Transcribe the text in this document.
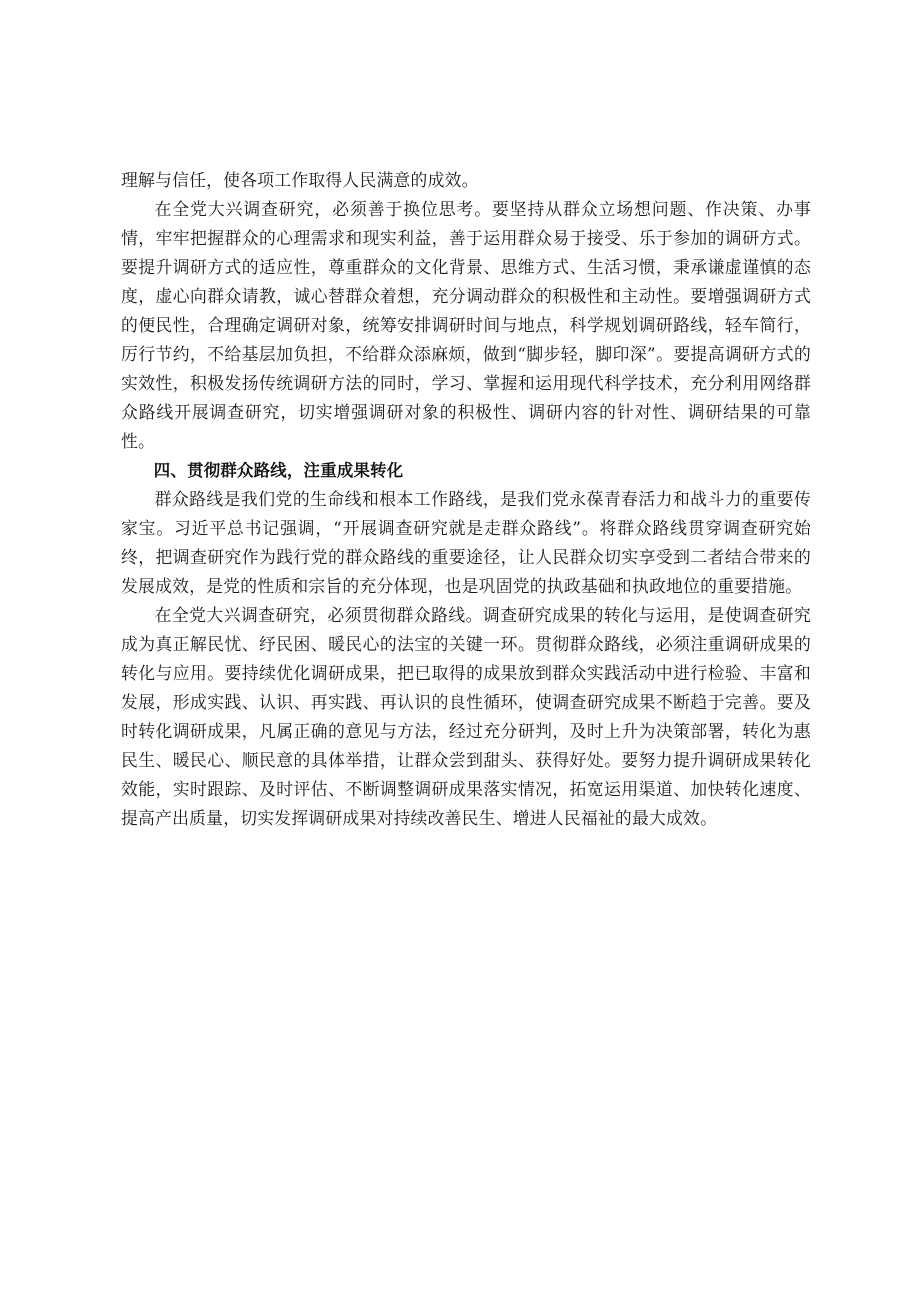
理解与信任，使各项工作取得人民满意的成效。

在全党大兴调查研究，必须善于换位思考。要坚持从群众立场想问题、作决策、办事情，牢牢把握群众的心理需求和现实利益，善于运用群众易于接受、乐于参加的调研方式。要提升调研方式的适应性，尊重群众的文化背景、思维方式、生活习惯，秉承谦虚谨慎的态度，虚心向群众请教，诚心替群众着想，充分调动群众的积极性和主动性。要增强调研方式的便民性，合理确定调研对象，统筹安排调研时间与地点，科学规划调研路线，轻车简行，厉行节约，不给基层加负担，不给群众添麻烦，做到“脚步轻，脚印深”。要提高调研方式的实效性，积极发扬传统调研方法的同时，学习、掌握和运用现代科学技术，充分利用网络群众路线开展调查研究，切实增强调研对象的积极性、调研内容的针对性、调研结果的可靠性。

四、贯彻群众路线，注重成果转化

群众路线是我们党的生命线和根本工作路线，是我们党永葆青春活力和战斗力的重要传家宝。习近平总书记强调，“开展调查研究就是走群众路线”。将群众路线贯穿调查研究始终，把调查研究作为践行党的群众路线的重要途径，让人民群众切实享受到二者结合带来的发展成效，是党的性质和宗旨的充分体现，也是巩固党的执政基础和执政地位的重要措施。

在全党大兴调查研究，必须贯彻群众路线。调查研究成果的转化与运用，是使调查研究成为真正解民忧、纾民困、暖民心的法宝的关键一环。贯彻群众路线，必须注重调研成果的转化与应用。要持续优化调研成果，把已取得的成果放到群众实践活动中进行检验、丰富和发展，形成实践、认识、再实践、再认识的良性循环，使调查研究成果不断趋于完善。要及时转化调研成果，凡属正确的意见与方法，经过充分研判，及时上升为决策部署，转化为惠民生、暖民心、顺民意的具体举措，让群众尝到甜头、获得好处。要努力提升调研成果转化效能，实时跟踪、及时评估、不断调整调研成果落实情况，拓宽运用渠道、加快转化速度、提高产出质量，切实发挥调研成果对持续改善民生、增进人民福祉的最大成效。
